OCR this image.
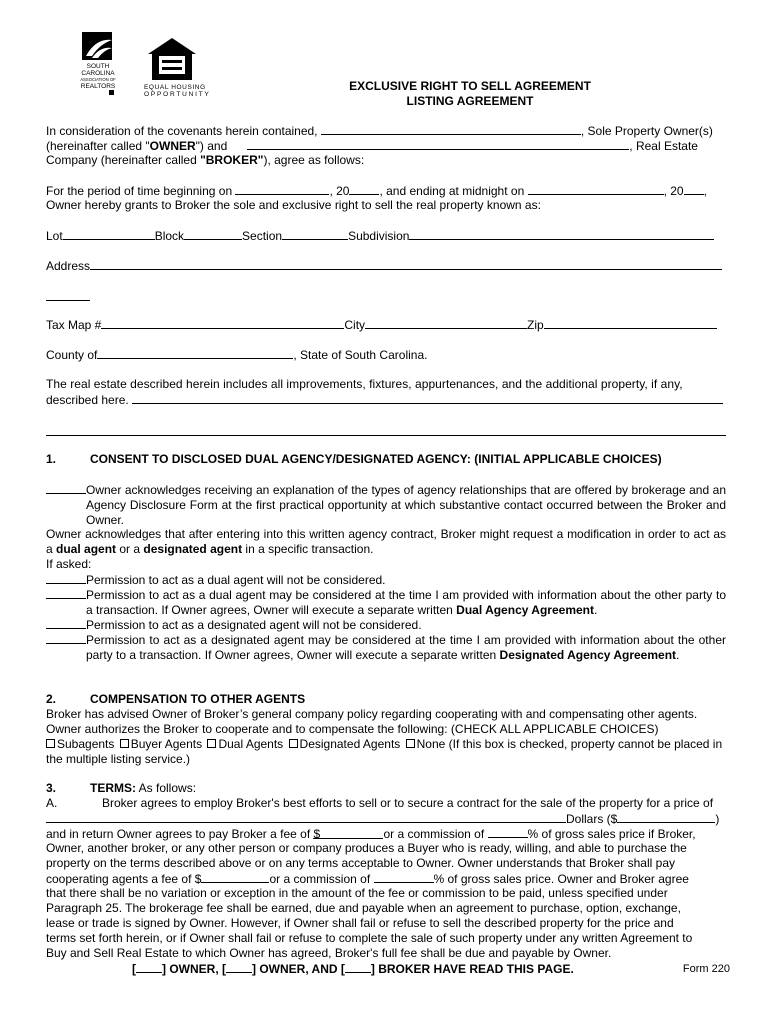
SOUTH
CAROLINA
ASSOCIATION OF
REALTORS	EQUAL HOUSING
OPPORTUNITY
EXCLUSIVE RIGHT TO SELL AGREEMENT
LISTING AGREEMENT
In consideration of the covenants herein contained,	, Sole Property Owner(s)
(hereinafter called "OWNER") and	, Real Estate
Company (hereinafter called "BROKER"), agree as follows:
For the period of time beginning on	, 20	, and ending at midnight on	, 20 ,
Owner hereby grants to Broker the sole and exclusive right to sell the real property known as:
Lot	Block	Section	Subdivision
Address
Tax Map #	City	Zip
County of	, State of South Carolina.
The real estate described herein includes all improvements, fixtures, appurtenances, and the additional property, if any,
described here.
1.	CONSENT TO DISCLOSED DUAL AGENCY/DESIGNATED AGENCY: (INITIAL APPLICABLE CHOICES)
Owner acknowledges receiving an explanation of the types of agency relationships that are offered by brokerage and an Agency Disclosure Form at the first practical opportunity at which substantive contact occurred between the Broker and Owner.
Owner acknowledges that after entering into this written agency contract, Broker might request a modification in order to act as a dual agent or a designated agent in a specific transaction.
If asked:
Permission to act as a dual agent will not be considered.
Permission to act as a dual agent may be considered at the time I am provided with information about the other party to a transaction. If Owner agrees, Owner will execute a separate written Dual Agency Agreement.
Permission to act as a designated agent will not be considered.
Permission to act as a designated agent may be considered at the time I am provided with information about the other party to a transaction. If Owner agrees, Owner will execute a separate written Designated Agency Agreement.
2.	COMPENSATION TO OTHER AGENTS
Broker has advised Owner of Broker’s general company policy regarding cooperating with and compensating other agents.
Owner authorizes the Broker to cooperate and to compensate the following: (CHECK ALL APPLICABLE CHOICES)
Subagents Buyer Agents Dual Agents Designated Agents None (If this box is checked, property cannot be placed in
the multiple listing service.)
3.	TERMS: As follows:
A.	Broker agrees to employ Broker's best efforts to sell or to secure a contract for the sale of the property for a price of
Dollars ($	)
and in return Owner agrees to pay Broker a fee of $	or a commission of	% of gross sales price if Broker,
Owner, another broker, or any other person or company produces a Buyer who is ready, willing, and able to purchase the
property on the terms described above or on any terms acceptable to Owner. Owner understands that Broker shall pay
cooperating agents a fee of $	or a commission of	% of gross sales price. Owner and Broker agree
that there shall be no variation or exception in the amount of the fee or commission to be paid, unless specified under
Paragraph 25. The brokerage fee shall be earned, due and payable when an agreement to purchase, option, exchange,
lease or trade is signed by Owner. However, if Owner shall fail or refuse to sell the described property for the price and
terms set forth herein, or if Owner shall fail or refuse to complete the sale of such property under any written Agreement to
Buy and Sell Real Estate to which Owner has agreed, Broker's full fee shall be due and payable by Owner.
[ ] OWNER, [ ] OWNER, AND [ ] BROKER HAVE READ THIS PAGE.	Form 220
